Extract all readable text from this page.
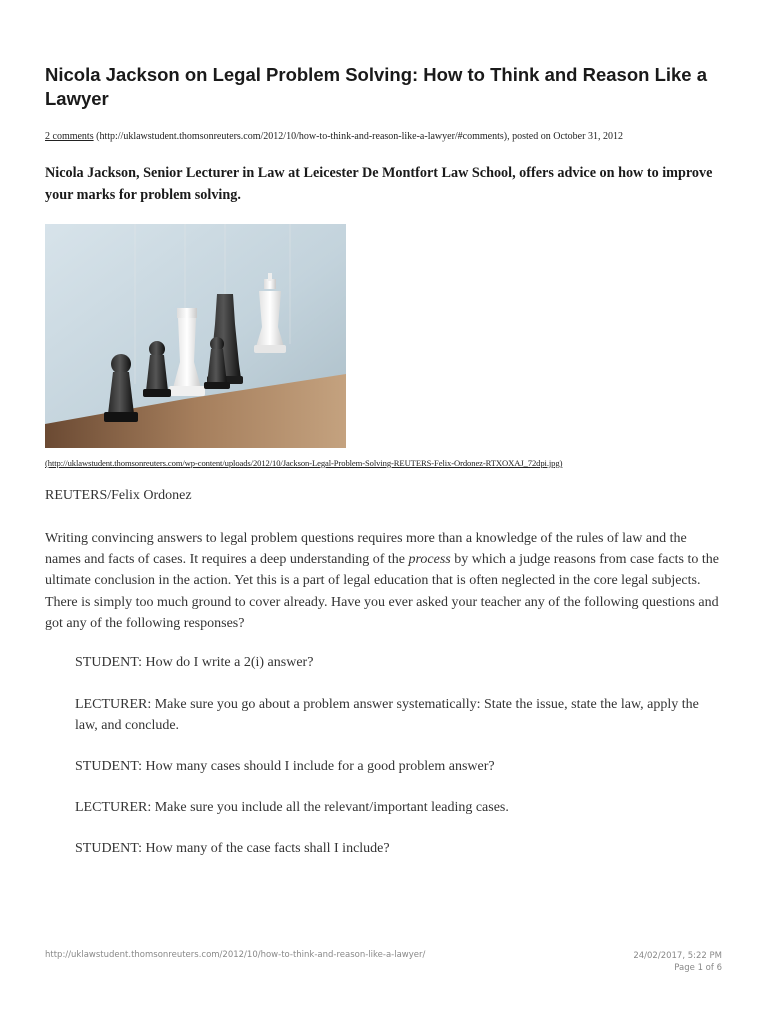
Nicola Jackson on Legal Problem Solving: How to Think and Reason Like a Lawyer
2 comments (http://uklawstudent.thomsonreuters.com/2012/10/how-to-think-and-reason-like-a-lawyer/#comments), posted on October 31, 2012

Nicola Jackson, Senior Lecturer in Law at Leicester De Montfort Law School, offers advice on how to improve your marks for problem solving.

(http://uklawstudent.thomsonreuters.com/wp-content/uploads/2012/10/Jackson-Legal-Problem-Solving-REUTERS-Felix-Ordonez-RTXOXAJ_72dpi.jpg)

REUTERS/Felix Ordonez

Writing convincing answers to legal problem questions requires more than a knowledge of the rules of law and the names and facts of cases. It requires a deep understanding of the process by which a judge reasons from case facts to the ultimate conclusion in the action. Yet this is a part of legal education that is often neglected in the core legal subjects. There is simply too much ground to cover already. Have you ever asked your teacher any of the following questions and got any of the following responses?

STUDENT: How do I write a 2(i) answer?

LECTURER: Make sure you go about a problem answer systematically: State the issue, state the law, apply the law, and conclude.

STUDENT: How many cases should I include for a good problem answer?

LECTURER: Make sure you include all the relevant/important leading cases.

STUDENT: How many of the case facts shall I include?

http://uklawstudent.thomsonreuters.com/2012/10/how-to-think-and-reason-like-a-lawyer/	24/02/2017, 5:22 PM
Page 1 of 6
